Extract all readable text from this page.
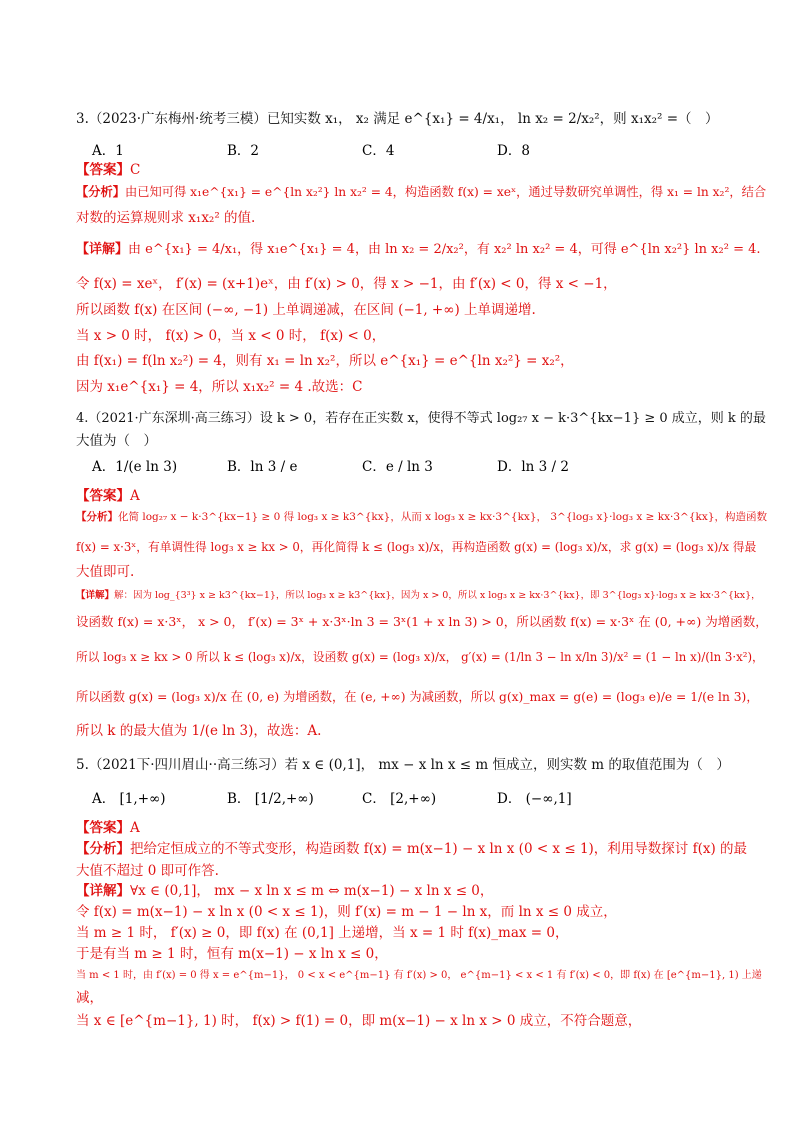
3.（2023·广东梅州·统考三模）已知实数 x₁， x₂ 满足 e^{x₁} = 4/x₁， ln x₂ = 2/x₂²，则 x₁x₂² =（　）
A．1	B．2	C．4	D．8
【答案】C
【分析】由已知可得 x₁e^{x₁} = e^{ln x₂²} ln x₂² = 4，构造函数 f(x) = xeˣ，通过导数研究单调性，得 x₁ = ln x₂²，结合
对数的运算规则求 x₁x₂² 的值.
【详解】由 e^{x₁} = 4/x₁，得 x₁e^{x₁} = 4，由 ln x₂ = 2/x₂²，有 x₂² ln x₂² = 4，可得 e^{ln x₂²} ln x₂² = 4.
令 f(x) = xeˣ， f′(x) = (x+1)eˣ，由 f′(x) > 0，得 x > −1，由 f′(x) < 0，得 x < −1，
所以函数 f(x) 在区间 (−∞, −1) 上单调递减，在区间 (−1, +∞) 上单调递增.
当 x > 0 时， f(x) > 0，当 x < 0 时， f(x) < 0，
由 f(x₁) = f(ln x₂²) = 4，则有 x₁ = ln x₂²，所以 e^{x₁} = e^{ln x₂²} = x₂²，
因为 x₁e^{x₁} = 4，所以 x₁x₂² = 4 .故选：C
4.（2021·广东深圳·高三练习）设 k > 0，若存在正实数 x，使得不等式 log₂₇ x − k·3^{kx−1} ≥ 0 成立，则 k 的最
大值为（　）
A．1/(e ln 3)	B．ln 3 / e	C．e / ln 3	D．ln 3 / 2
【答案】A
【分析】化简 log₂₇ x − k·3^{kx−1} ≥ 0 得 log₃ x ≥ k3^{kx}，从而 x log₃ x ≥ kx·3^{kx}， 3^{log₃ x}·log₃ x ≥ kx·3^{kx}，构造函数
f(x) = x·3ˣ，有单调性得 log₃ x ≥ kx > 0，再化简得 k ≤ (log₃ x)/x，再构造函数 g(x) = (log₃ x)/x，求 g(x) = (log₃ x)/x 得最
大值即可.
【详解】解：因为 log_{3³} x ≥ k3^{kx−1}，所以 log₃ x ≥ k3^{kx}，因为 x > 0，所以 x log₃ x ≥ kx·3^{kx}，即 3^{log₃ x}·log₃ x ≥ kx·3^{kx}，
设函数 f(x) = x·3ˣ， x > 0， f′(x) = 3ˣ + x·3ˣ·ln 3 = 3ˣ(1 + x ln 3) > 0，所以函数 f(x) = x·3ˣ 在 (0, +∞) 为增函数，
所以 log₃ x ≥ kx > 0 所以 k ≤ (log₃ x)/x，设函数 g(x) = (log₃ x)/x， g′(x) = (1/ln 3 − ln x/ln 3)/x² = (1 − ln x)/(ln 3·x²)，
所以函数 g(x) = (log₃ x)/x 在 (0, e) 为增函数，在 (e, +∞) 为减函数，所以 g(x)_max = g(e) = (log₃ e)/e = 1/(e ln 3)，
所以 k 的最大值为 1/(e ln 3)，故选：A.
5.（2021下·四川眉山··高三练习）若 x ∈ (0,1]， mx − x ln x ≤ m 恒成立，则实数 m 的取值范围为（　）
A． [1,+∞)	B． [1/2,+∞)	C． [2,+∞)	D． (−∞,1]
【答案】A
【分析】把给定恒成立的不等式变形，构造函数 f(x) = m(x−1) − x ln x (0 < x ≤ 1)，利用导数探讨 f(x) 的最
大值不超过 0 即可作答.
【详解】∀x ∈ (0,1]， mx − x ln x ≤ m ⇔ m(x−1) − x ln x ≤ 0，
令 f(x) = m(x−1) − x ln x (0 < x ≤ 1)，则 f′(x) = m − 1 − ln x，而 ln x ≤ 0 成立，
当 m ≥ 1 时， f′(x) ≥ 0，即 f(x) 在 (0,1] 上递增，当 x = 1 时 f(x)_max = 0，
于是有当 m ≥ 1 时，恒有 m(x−1) − x ln x ≤ 0，
当 m < 1 时，由 f′(x) = 0 得 x = e^{m−1}， 0 < x < e^{m−1} 有 f′(x) > 0， e^{m−1} < x < 1 有 f′(x) < 0，即 f(x) 在 [e^{m−1}, 1) 上递
减，
当 x ∈ [e^{m−1}, 1) 时， f(x) > f(1) = 0，即 m(x−1) − x ln x > 0 成立，不符合题意，
